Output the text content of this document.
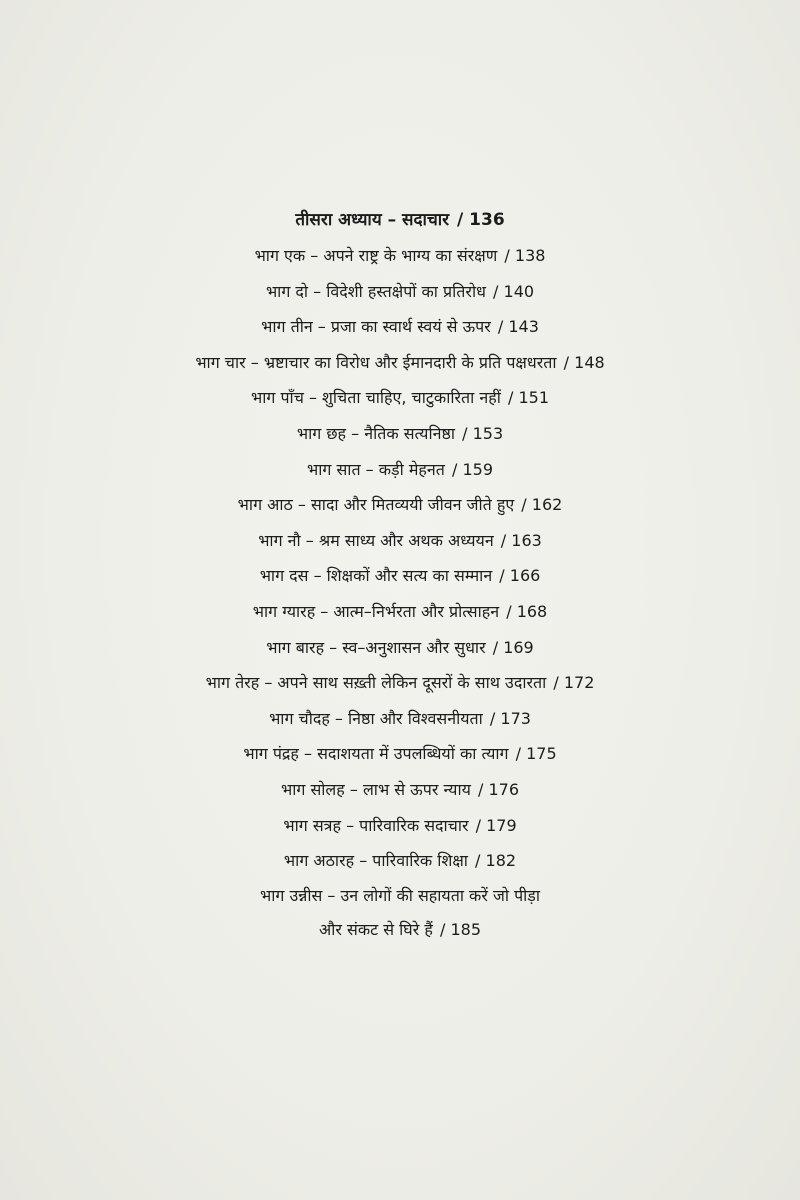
तीसरा अध्याय – सदाचार / 136
भाग एक – अपने राष्ट्र के भाग्य का संरक्षण / 138
भाग दो – विदेशी हस्तक्षेपों का प्रतिरोध / 140
भाग तीन – प्रजा का स्वार्थ स्वयं से ऊपर / 143
भाग चार – भ्रष्टाचार का विरोध और ईमानदारी के प्रति पक्षधरता / 148
भाग पाँच – शुचिता चाहिए, चाटुकारिता नहीं / 151
भाग छह – नैतिक सत्यनिष्ठा / 153
भाग सात – कड़ी मेहनत / 159
भाग आठ – सादा और मितव्ययी जीवन जीते हुए / 162
भाग नौ – श्रम साध्य और अथक अध्ययन / 163
भाग दस – शिक्षकों और सत्य का सम्मान / 166
भाग ग्यारह – आत्म–निर्भरता और प्रोत्साहन / 168
भाग बारह – स्व–अनुशासन और सुधार / 169
भाग तेरह – अपने साथ सख़्ती लेकिन दूसरों के साथ उदारता / 172
भाग चौदह – निष्ठा और विश्वसनीयता / 173
भाग पंद्रह – सदाशयता में उपलब्धियों का त्याग / 175
भाग सोलह – लाभ से ऊपर न्याय / 176
भाग सत्रह – पारिवारिक सदाचार / 179
भाग अठारह – पारिवारिक शिक्षा / 182
भाग उन्नीस – उन लोगों की सहायता करें जो पीड़ा
और संकट से घिरे हैं / 185
